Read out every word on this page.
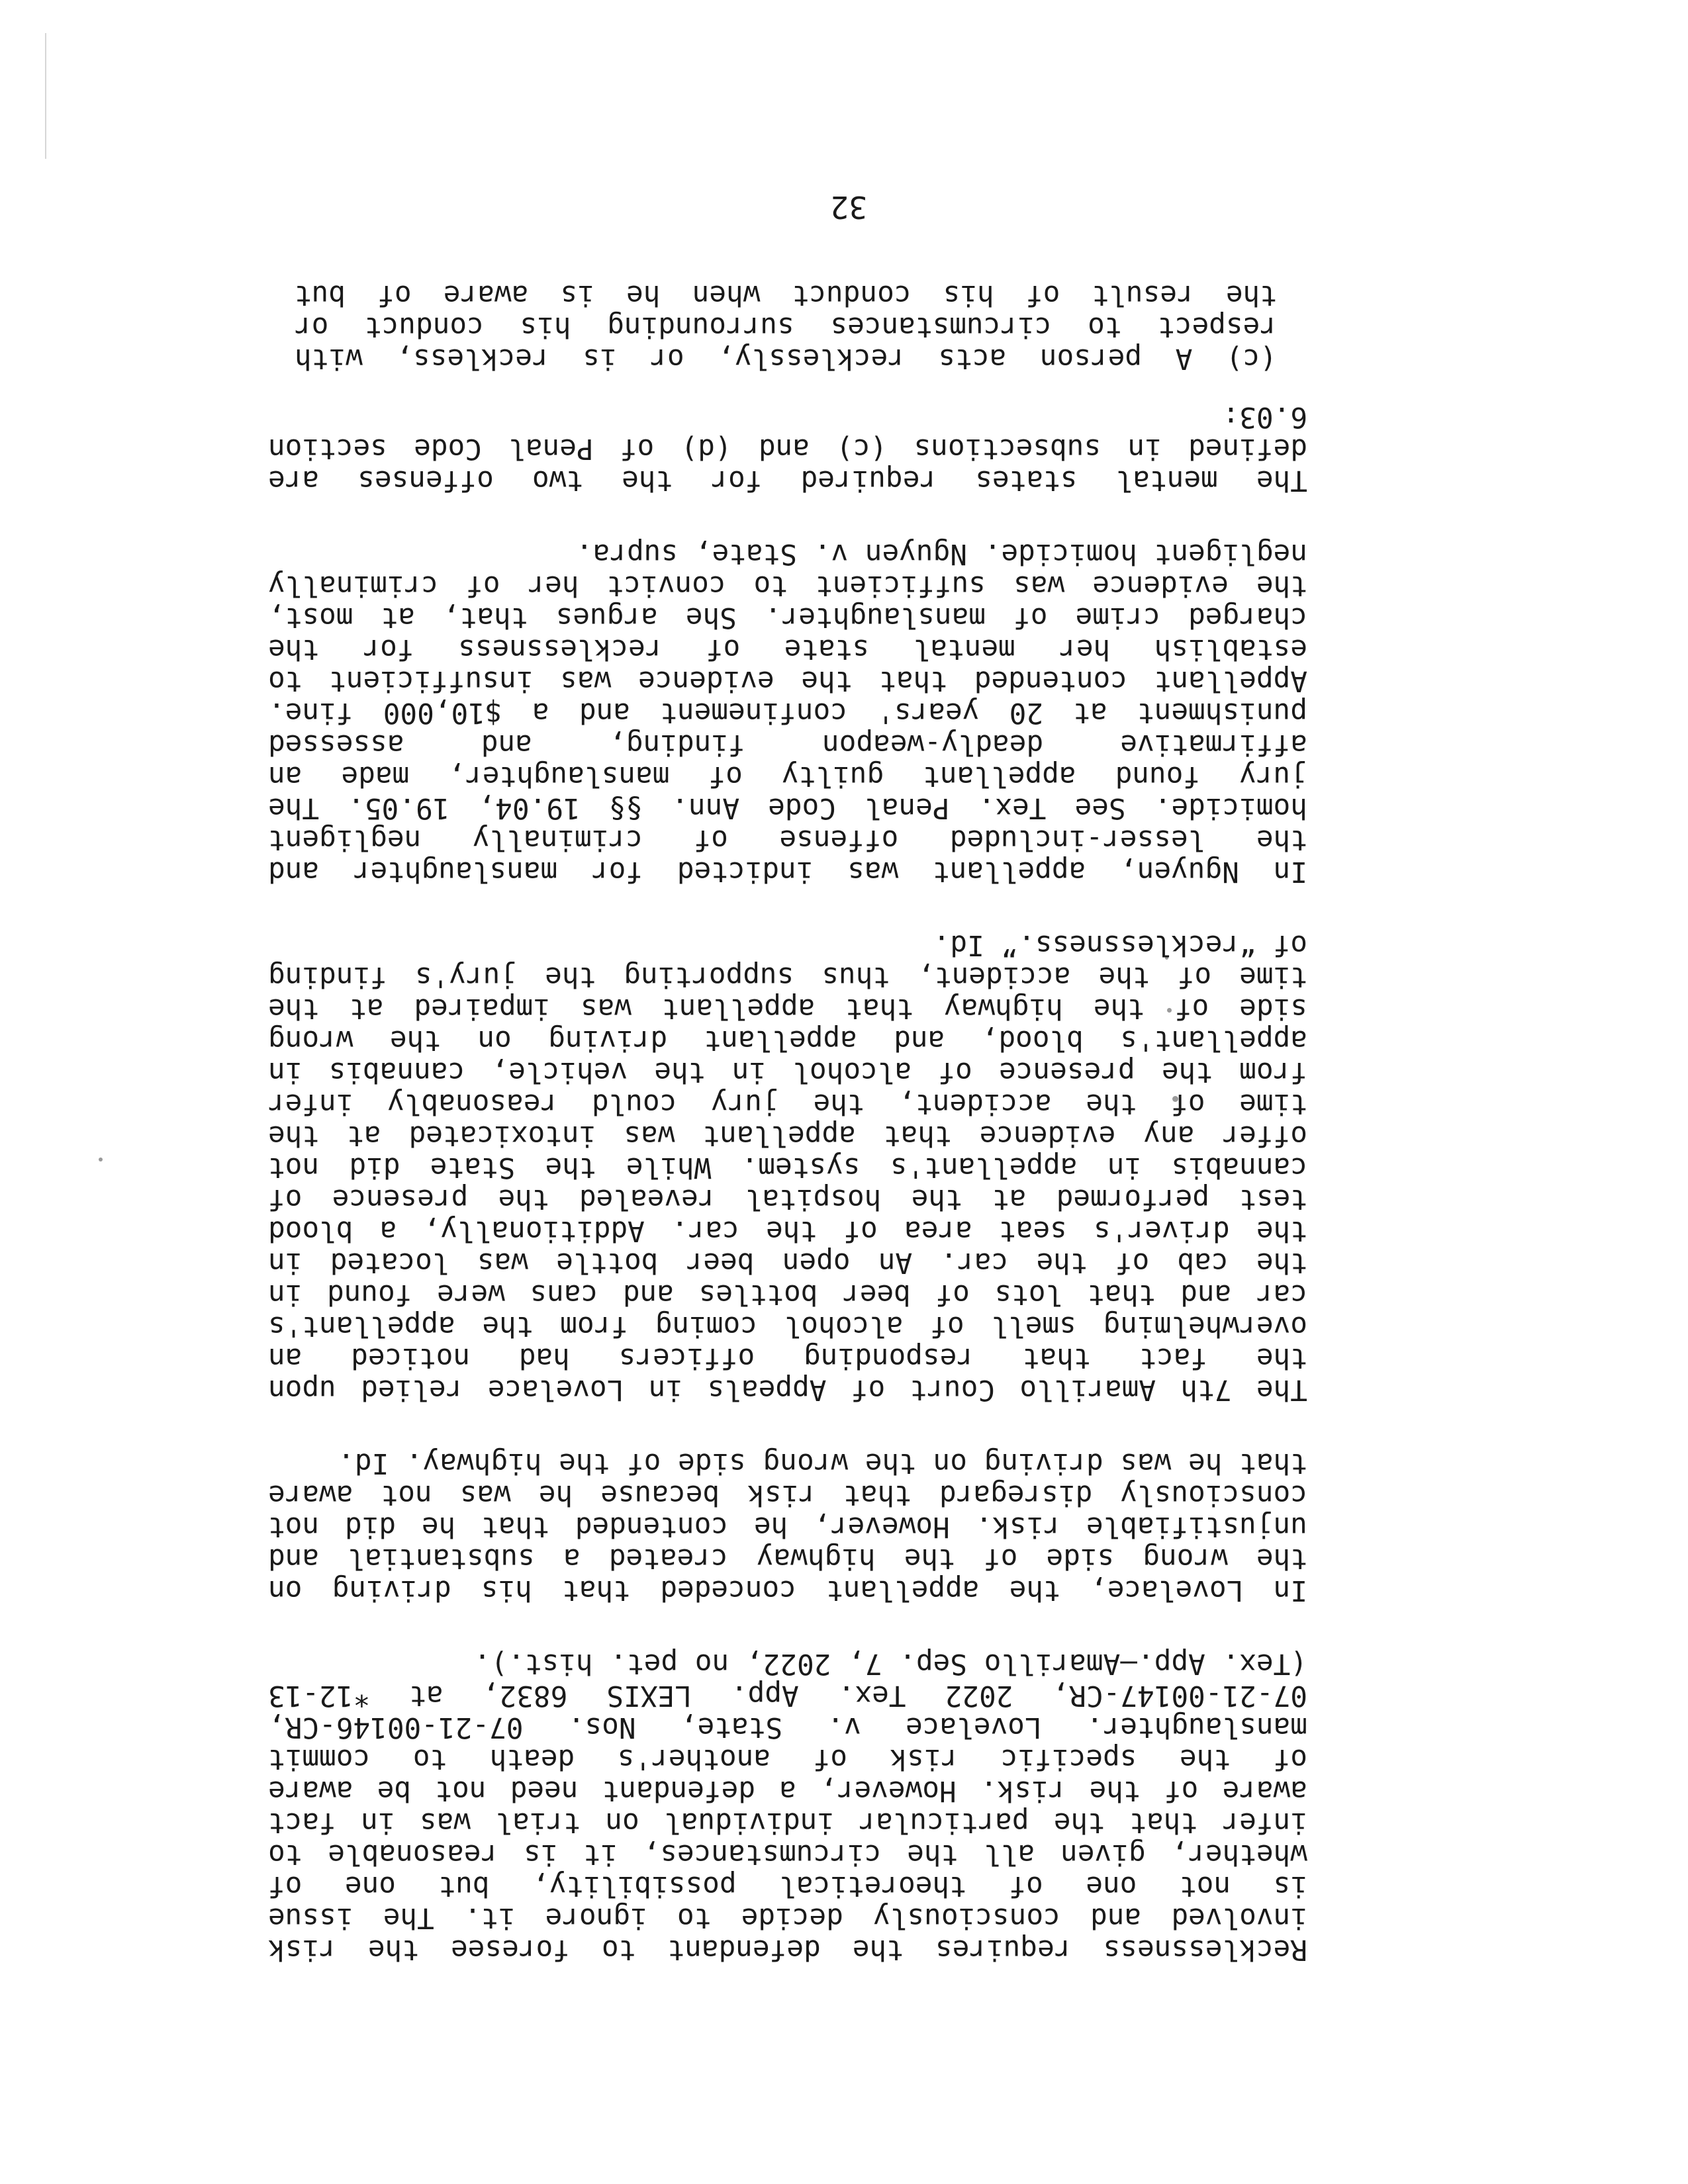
Recklessness requires the defendant to foresee the risk
involved and consciously decide to ignore it. The issue
is not one of theoretical possibility, but one of
whether, given all the circumstances, it is reasonable to
infer that the particular individual on trial was in fact
aware of the risk. However, a defendant need not be aware
of the specific risk of another's death to commit
manslaughter. Lovelace v. State, Nos. 07-21-00146-CR,
07-21-00147-CR, 2022 Tex. App. LEXIS 6832, at *12-13
(Tex. App.—Amarillo Sep. 7, 2022, no pet. hist.).
In Lovelace, the appellant conceded that his driving on
the wrong side of the highway created a substantial and
unjustifiable risk. However, he contended that he did not
consciously disregard that risk because he was not aware
that he was driving on the wrong side of the highway. Id.
The 7th Amarillo Court of Appeals in Lovelace relied upon
the fact that responding officers had noticed an
overwhelming smell of alcohol coming from the appellant's
car and that lots of beer bottles and cans were found in
the cab of the car. An open beer bottle was located in
the driver's seat area of the car. Additionally, a blood
test performed at the hospital revealed the presence of
cannabis in appellant's system. While the State did not
offer any evidence that appellant was intoxicated at the
time of the accident, the jury could reasonably infer
from the presence of alcohol in the vehicle, cannabis in
appellant's blood, and appellant driving on the wrong
side of the highway that appellant was impaired at the
time of the accident, thus supporting the jury's finding
of “recklessness.” Id.
In Nguyen, appellant was indicted for manslaughter and
the lesser-included offense of criminally negligent
homicide. See Tex. Penal Code Ann. §§ 19.04, 19.05. The
jury found appellant guilty of manslaughter, made an
affirmative deadly-weapon finding, and assessed
punishment at 20 years' confinement and a $10,000 fine.
Appellant contended that the evidence was insufficient to
establish her mental state of recklessness for the
charged crime of manslaughter. She argues that, at most,
the evidence was sufficient to convict her of criminally
negligent homicide. Nguyen v. State, supra.
The mental states required for the two offenses are
defined in subsections (c) and (d) of Penal Code section
6.03:
(c) A person acts recklessly, or is reckless, with
respect to circumstances surrounding his conduct or
the result of his conduct when he is aware of but
32
